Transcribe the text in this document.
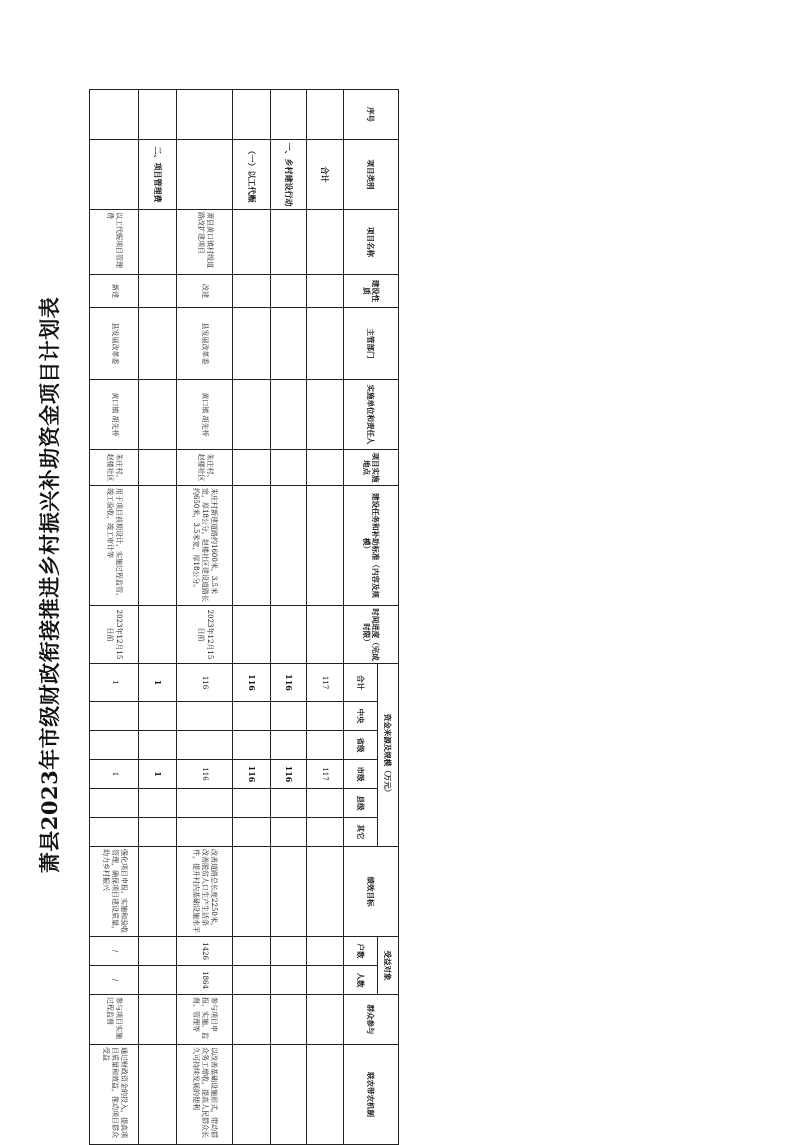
萧县2023年市级财政衔接推进乡村振兴补助资金项目计划表
序号	项目类别	项目名称	建设性质	主管部门	实施单位和责任人	项目实施地点	建设任务和补助标准（内容及规模）	时间进度（完成时限）	资金来源及规模（万元）						绩效目标	受益对象		群众参与	联农带农机制
									合计	中央	省级	市级	县级	其它		户数	人数		

	合计								117			117							
	一、乡村建设行动								116			116							
	（一）以工代赈								116			116							
		萧县黄口镇村级道路改扩建项目	改建	县发展改革委	黄口镇 胡先桥	朱庄村、赵楼社区	朱庄村新建道路约1600米，3.5米宽，厚18公分，赵楼社区建设道路长约650米，3.5米宽，厚18公分。	2023年12月15日前	116			116			改善道路总长度2250米，改善脱贫人口生产生活条件，提升村内基础设施水平	1426	1864	参与项目申报、实施、监督、管理等	以改善基础设施形式，带动群众务工增收，提高人民群众长久可持续发展的便利
	二、项目管理费								1			1							
		以工代赈项目管理费	新建	县发展改革委	黄口镇 胡先桥	朱庄村、赵楼社区	用于项目前期设计、实施过程监管、竣工验收、竣工审计等	2023年12月15日前	1			1			强化项目申报、实施和验收管理，确保项目建设质量，助力乡村振兴	/	/	参与项目实施过程监督	通过财政资金的投入，提高项目质量和效益，推动项目群众受益
